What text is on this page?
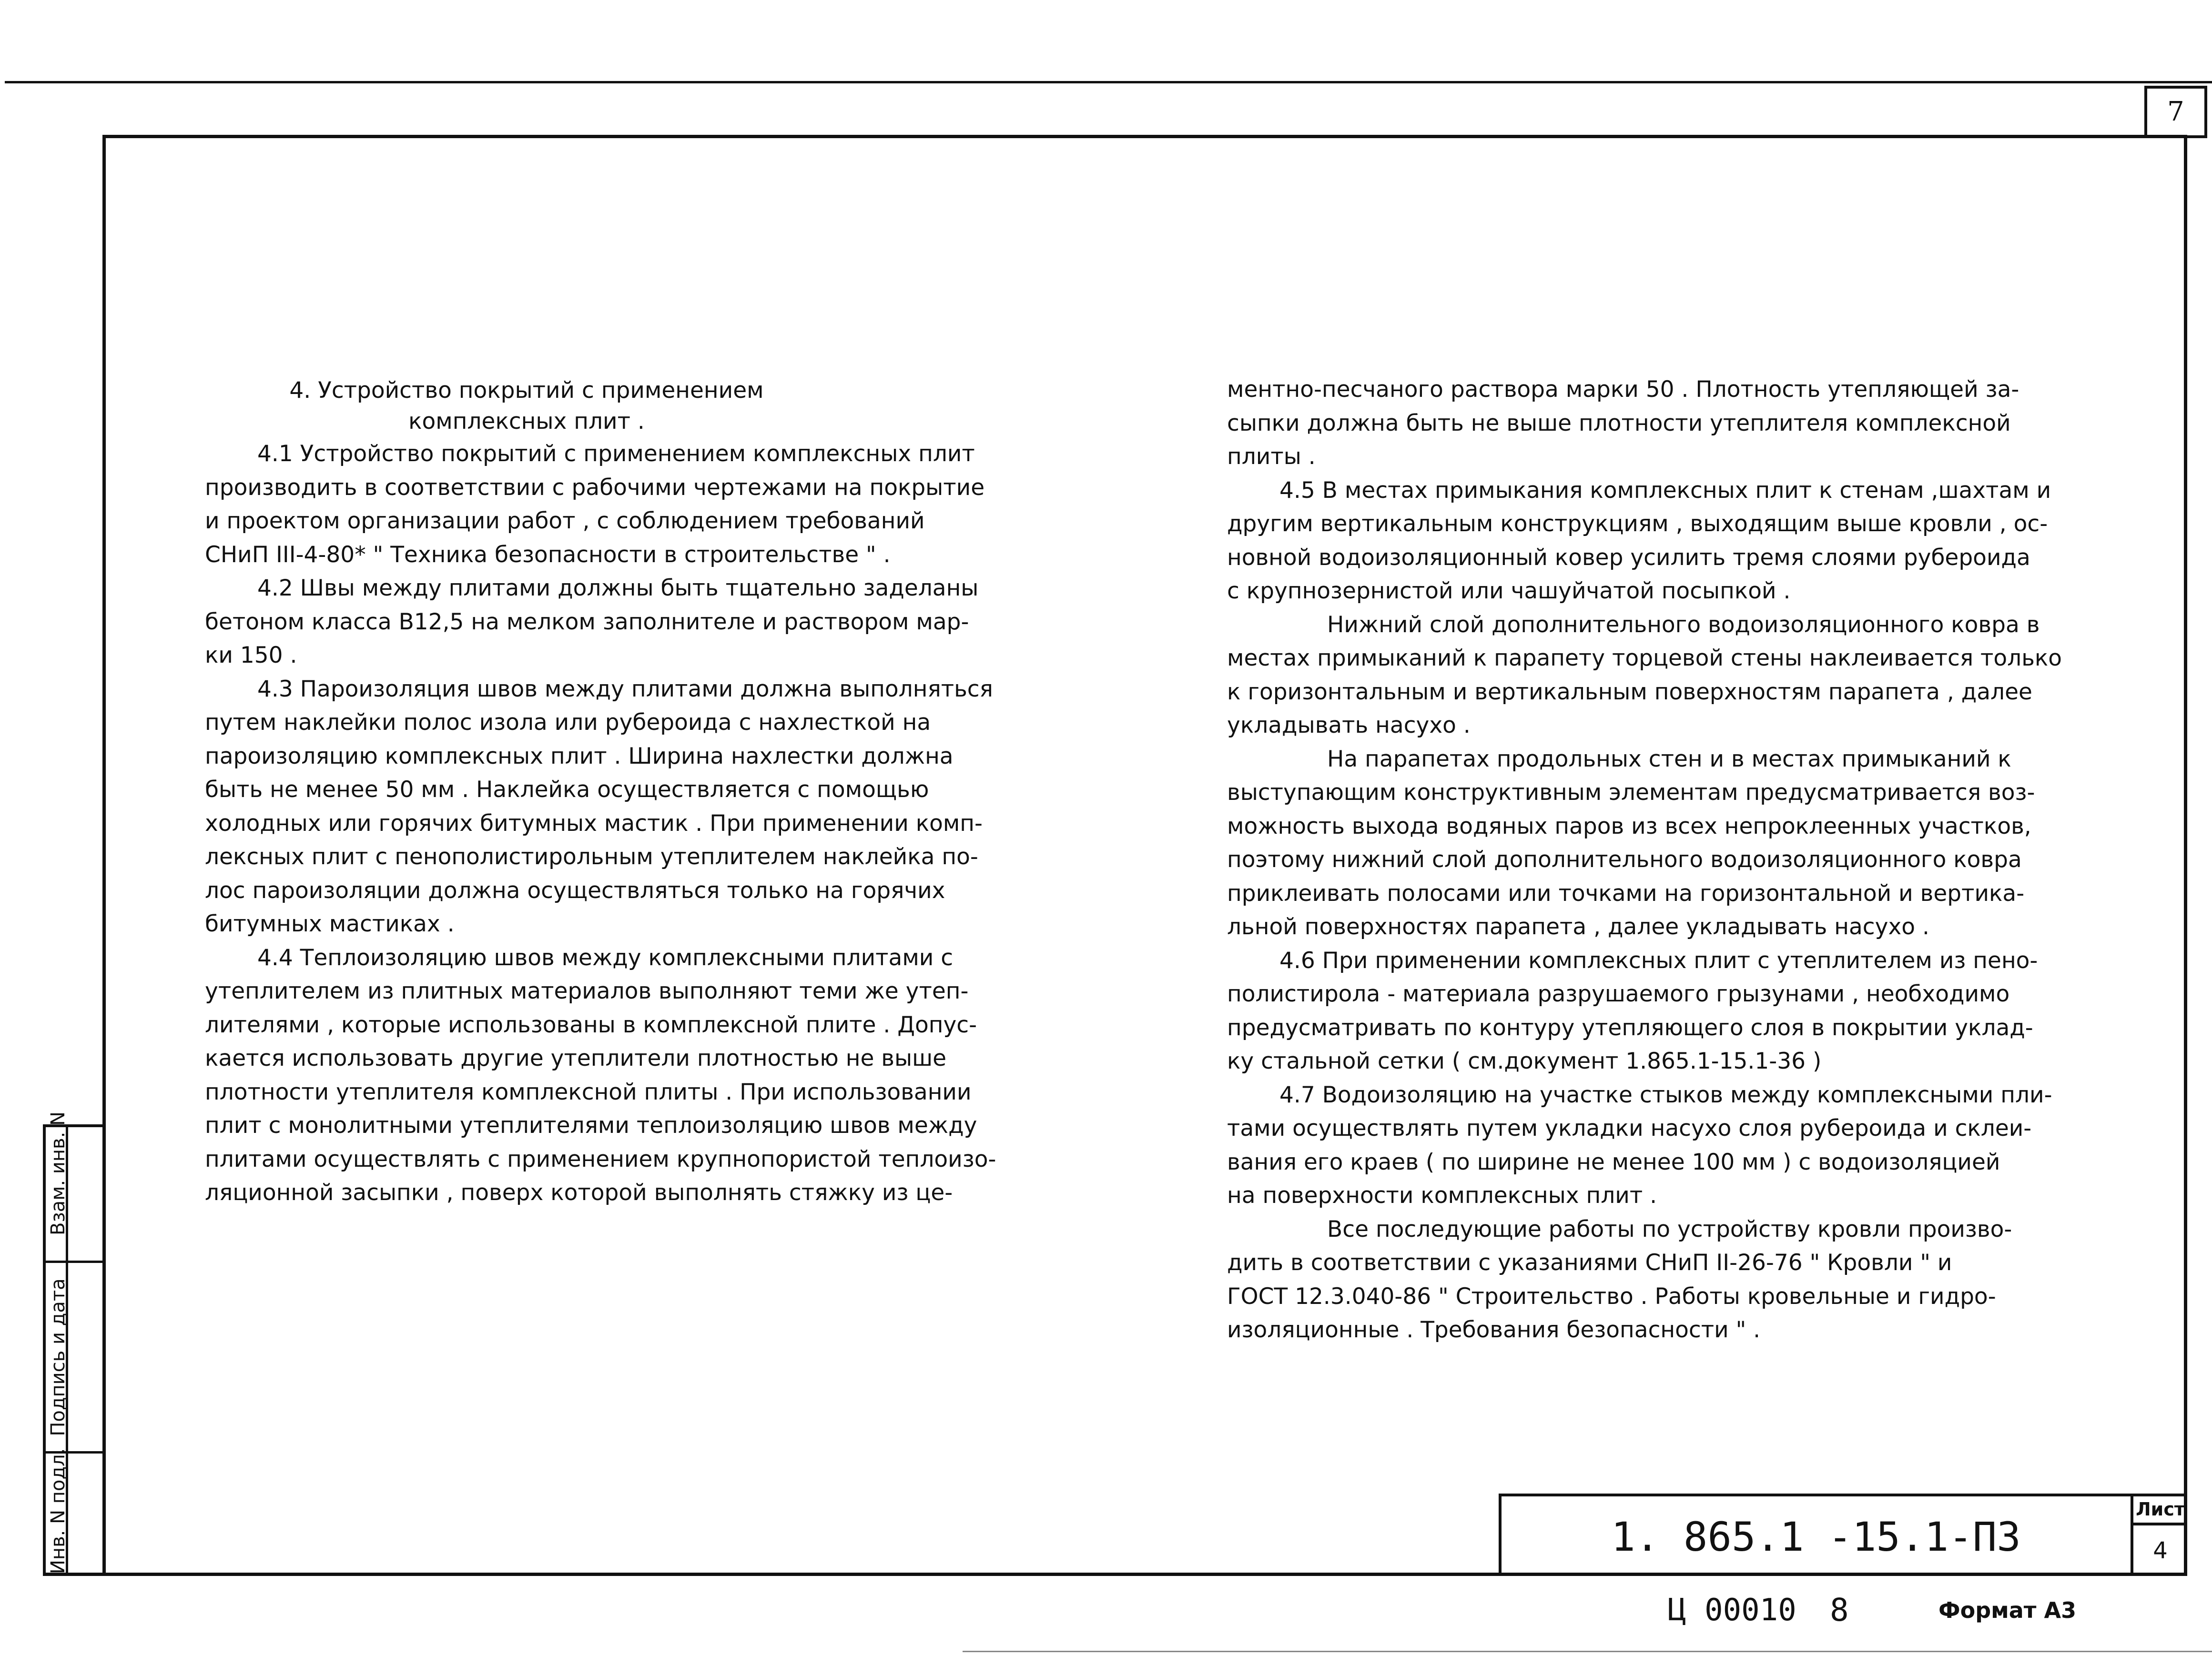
7
4. Устройство покрытий с применением
комплексных плит .
4.1 Устройство покрытий с применением комплексных плит
производить в соответствии с рабочими чертежами на покрытие
и проектом организации работ , с соблюдением требований
СНиП III-4-80* " Техника безопасности в строительстве " .
4.2 Швы между плитами должны быть тщательно заделаны
бетоном класса В12,5 на мелком заполнителе и раствором мар-
ки 150 .
4.3 Пароизоляция швов между плитами должна выполняться
путем наклейки полос изола или рубероида с нахлесткой на
пароизоляцию комплексных плит . Ширина нахлестки должна
быть не менее 50 мм . Наклейка осуществляется с помощью
холодных или горячих битумных мастик . При применении комп-
лексных плит с пенополистирольным утеплителем наклейка по-
лос пароизоляции должна осуществляться только на горячих
битумных мастиках .
4.4 Теплоизоляцию швов между комплексными плитами с
утеплителем из плитных материалов выполняют теми же утеп-
лителями , которые использованы в комплексной плите . Допус-
кается использовать другие утеплители плотностью не выше
плотности утеплителя комплексной плиты . При использовании
плит с монолитными утеплителями теплоизоляцию швов между
плитами осуществлять с применением крупнопористой теплоизо-
ляционной засыпки , поверх которой выполнять стяжку из це-
ментно-песчаного раствора марки 50 . Плотность утепляющей за-
сыпки должна быть не выше плотности утеплителя комплексной
плиты .
4.5 В местах примыкания комплексных плит к стенам ,шахтам и
другим вертикальным конструкциям , выходящим выше кровли , ос-
новной водоизоляционный ковер усилить тремя слоями рубероида
с крупнозернистой или чашуйчатой посыпкой .
Нижний слой дополнительного водоизоляционного ковра в
местах примыканий к парапету торцевой стены наклеивается только
к горизонтальным и вертикальным поверхностям парапета , далее
укладывать насухо .
На парапетах продольных стен и в местах примыканий к
выступающим конструктивным элементам предусматривается воз-
можность выхода водяных паров из всех непроклеенных участков,
поэтому нижний слой дополнительного водоизоляционного ковра
приклеивать полосами или точками на горизонтальной и вертика-
льной поверхностях парапета , далее укладывать насухо .
4.6 При применении комплексных плит с утеплителем из пено-
полистирола - материала разрушаемого грызунами , необходимо
предусматривать по контуру утепляющего слоя в покрытии уклад-
ку стальной сетки ( см.документ 1.865.1-15.1-36 )
4.7 Водоизоляцию на участке стыков между комплексными пли-
тами осуществлять путем укладки насухо слоя рубероида и склеи-
вания его краев ( по ширине не менее 100 мм ) с водоизоляцией
на поверхности комплексных плит .
Все последующие работы по устройству кровли произво-
дить в соответствии с указаниями СНиП II-26-76 " Кровли " и
ГОСТ 12.3.040-86 " Строительство . Работы кровельные и гидро-
изоляционные . Требования безопасности " .
Взам. инв. N
Подпись и дата
Инв. N подл.	1. 865.1 -15.1-ПЗ
Лист
4
Ц 00010 8	Формат А3
